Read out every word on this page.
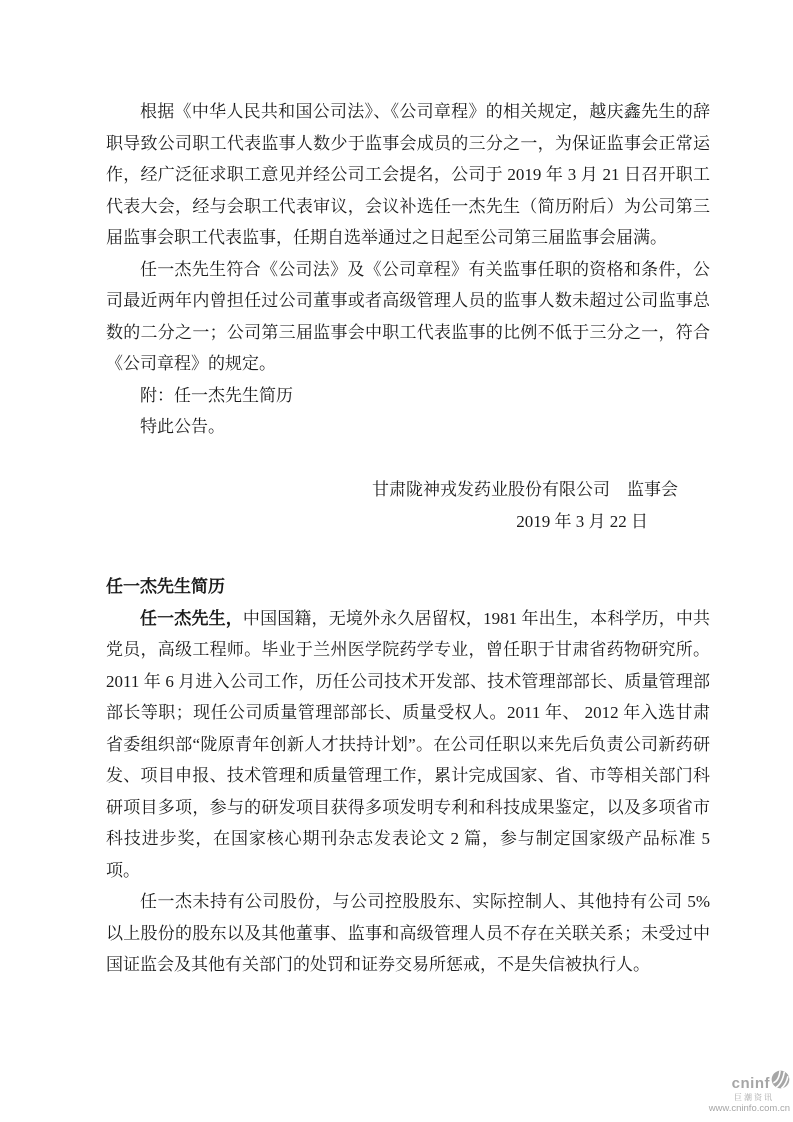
根据《中华人民共和国公司法》、《公司章程》的相关规定，越庆鑫先生的辞职导致公司职工代表监事人数少于监事会成员的三分之一，为保证监事会正常运作，经广泛征求职工意见并经公司工会提名，公司于 2019 年 3 月 21 日召开职工代表大会，经与会职工代表审议，会议补选任一杰先生（简历附后）为公司第三届监事会职工代表监事，任期自选举通过之日起至公司第三届监事会届满。

任一杰先生符合《公司法》及《公司章程》有关监事任职的资格和条件，公司最近两年内曾担任过公司董事或者高级管理人员的监事人数未超过公司监事总数的二分之一；公司第三届监事会中职工代表监事的比例不低于三分之一，符合《公司章程》的规定。

附：任一杰先生简历

特此公告。

甘肃陇神戎发药业股份有限公司　监事会

2019 年 3 月 22 日

任一杰先生简历

任一杰先生，中国国籍，无境外永久居留权，1981 年出生，本科学历，中共党员，高级工程师。毕业于兰州医学院药学专业，曾任职于甘肃省药物研究所。2011 年 6 月进入公司工作，历任公司技术开发部、技术管理部部长、质量管理部部长等职；现任公司质量管理部部长、质量受权人。2011 年、 2012 年入选甘肃省委组织部“陇原青年创新人才扶持计划”。在公司任职以来先后负责公司新药研发、项目申报、技术管理和质量管理工作，累计完成国家、省、市等相关部门科研项目多项，参与的研发项目获得多项发明专利和科技成果鉴定，以及多项省市科技进步奖，在国家核心期刊杂志发表论文 2 篇，参与制定国家级产品标准 5 项。

任一杰未持有公司股份，与公司控股股东、实际控制人、其他持有公司 5%以上股份的股东以及其他董事、监事和高级管理人员不存在关联关系；未受过中国证监会及其他有关部门的处罚和证券交易所惩戒，不是失信被执行人。

cninf
巨潮资讯
www.cninfo.com.cn
